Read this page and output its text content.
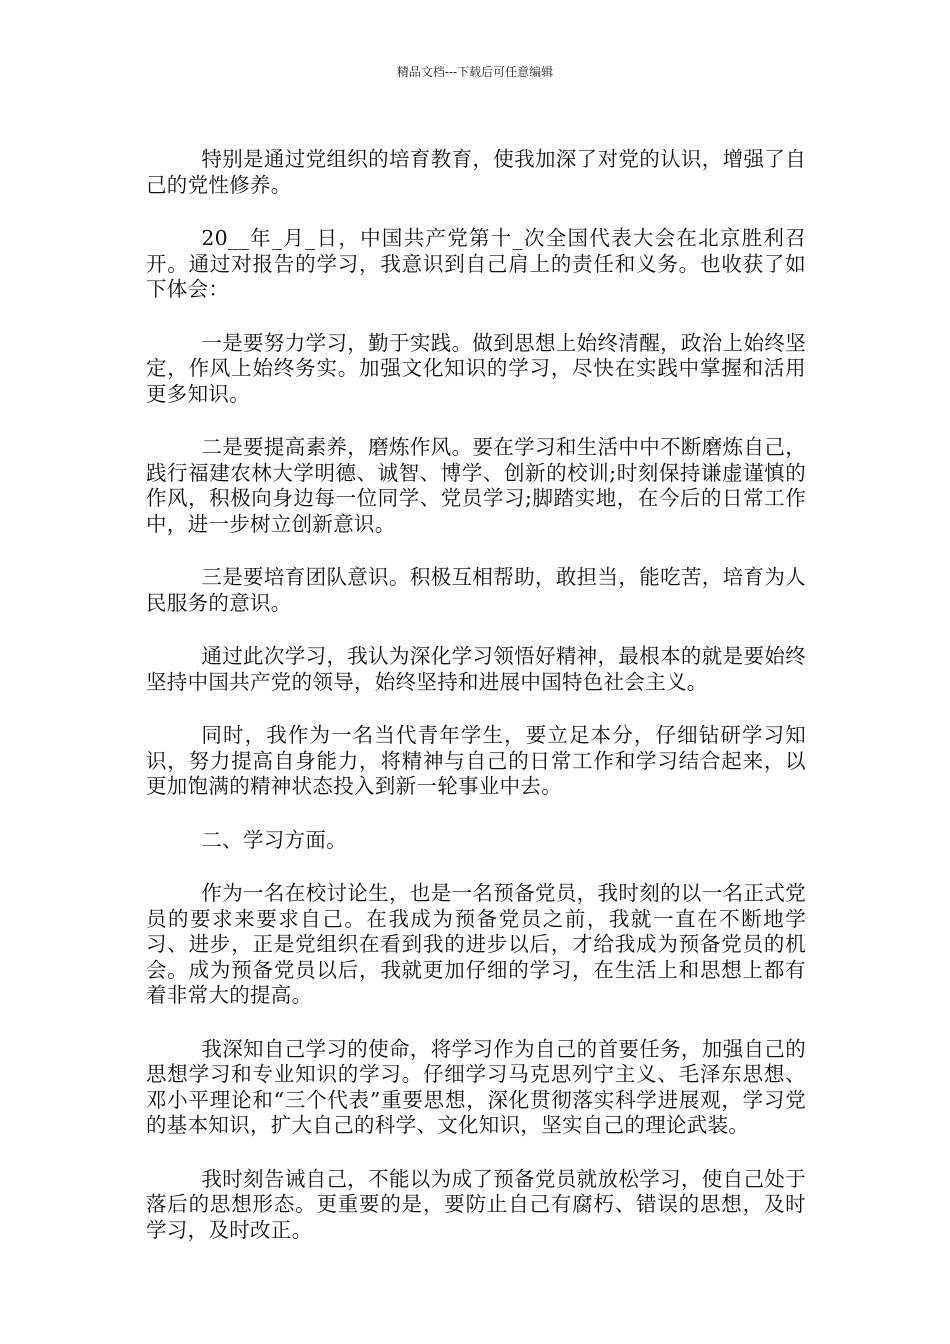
精品文档---下载后可任意编辑

特别是通过党组织的培育教育，使我加深了对党的认识，增强了自己的党性修养。

20__年_月_日，中国共产党第十_次全国代表大会在北京胜利召开。通过对报告的学习，我意识到自己肩上的责任和义务。也收获了如下体会：

一是要努力学习，勤于实践。做到思想上始终清醒，政治上始终坚定，作风上始终务实。加强文化知识的学习，尽快在实践中掌握和活用更多知识。

二是要提高素养，磨炼作风。要在学习和生活中中不断磨炼自己，践行福建农林大学明德、诚智、博学、创新的校训;时刻保持谦虚谨慎的作风，积极向身边每一位同学、党员学习;脚踏实地，在今后的日常工作中，进一步树立创新意识。

三是要培育团队意识。积极互相帮助，敢担当，能吃苦，培育为人民服务的意识。

通过此次学习，我认为深化学习领悟好精神，最根本的就是要始终坚持中国共产党的领导，始终坚持和进展中国特色社会主义。

同时，我作为一名当代青年学生，要立足本分，仔细钻研学习知识，努力提高自身能力，将精神与自己的日常工作和学习结合起来，以更加饱满的精神状态投入到新一轮事业中去。

二、学习方面。

作为一名在校讨论生，也是一名预备党员，我时刻的以一名正式党员的要求来要求自己。在我成为预备党员之前，我就一直在不断地学习、进步，正是党组织在看到我的进步以后，才给我成为预备党员的机会。成为预备党员以后，我就更加仔细的学习，在生活上和思想上都有着非常大的提高。

我深知自己学习的使命，将学习作为自己的首要任务，加强自己的思想学习和专业知识的学习。仔细学习马克思列宁主义、毛泽东思想、邓小平理论和“三个代表”重要思想，深化贯彻落实科学进展观，学习党的基本知识，扩大自己的科学、文化知识，坚实自己的理论武装。

我时刻告诫自己，不能以为成了预备党员就放松学习，使自己处于落后的思想形态。更重要的是，要防止自己有腐朽、错误的思想，及时学习，及时改正。
